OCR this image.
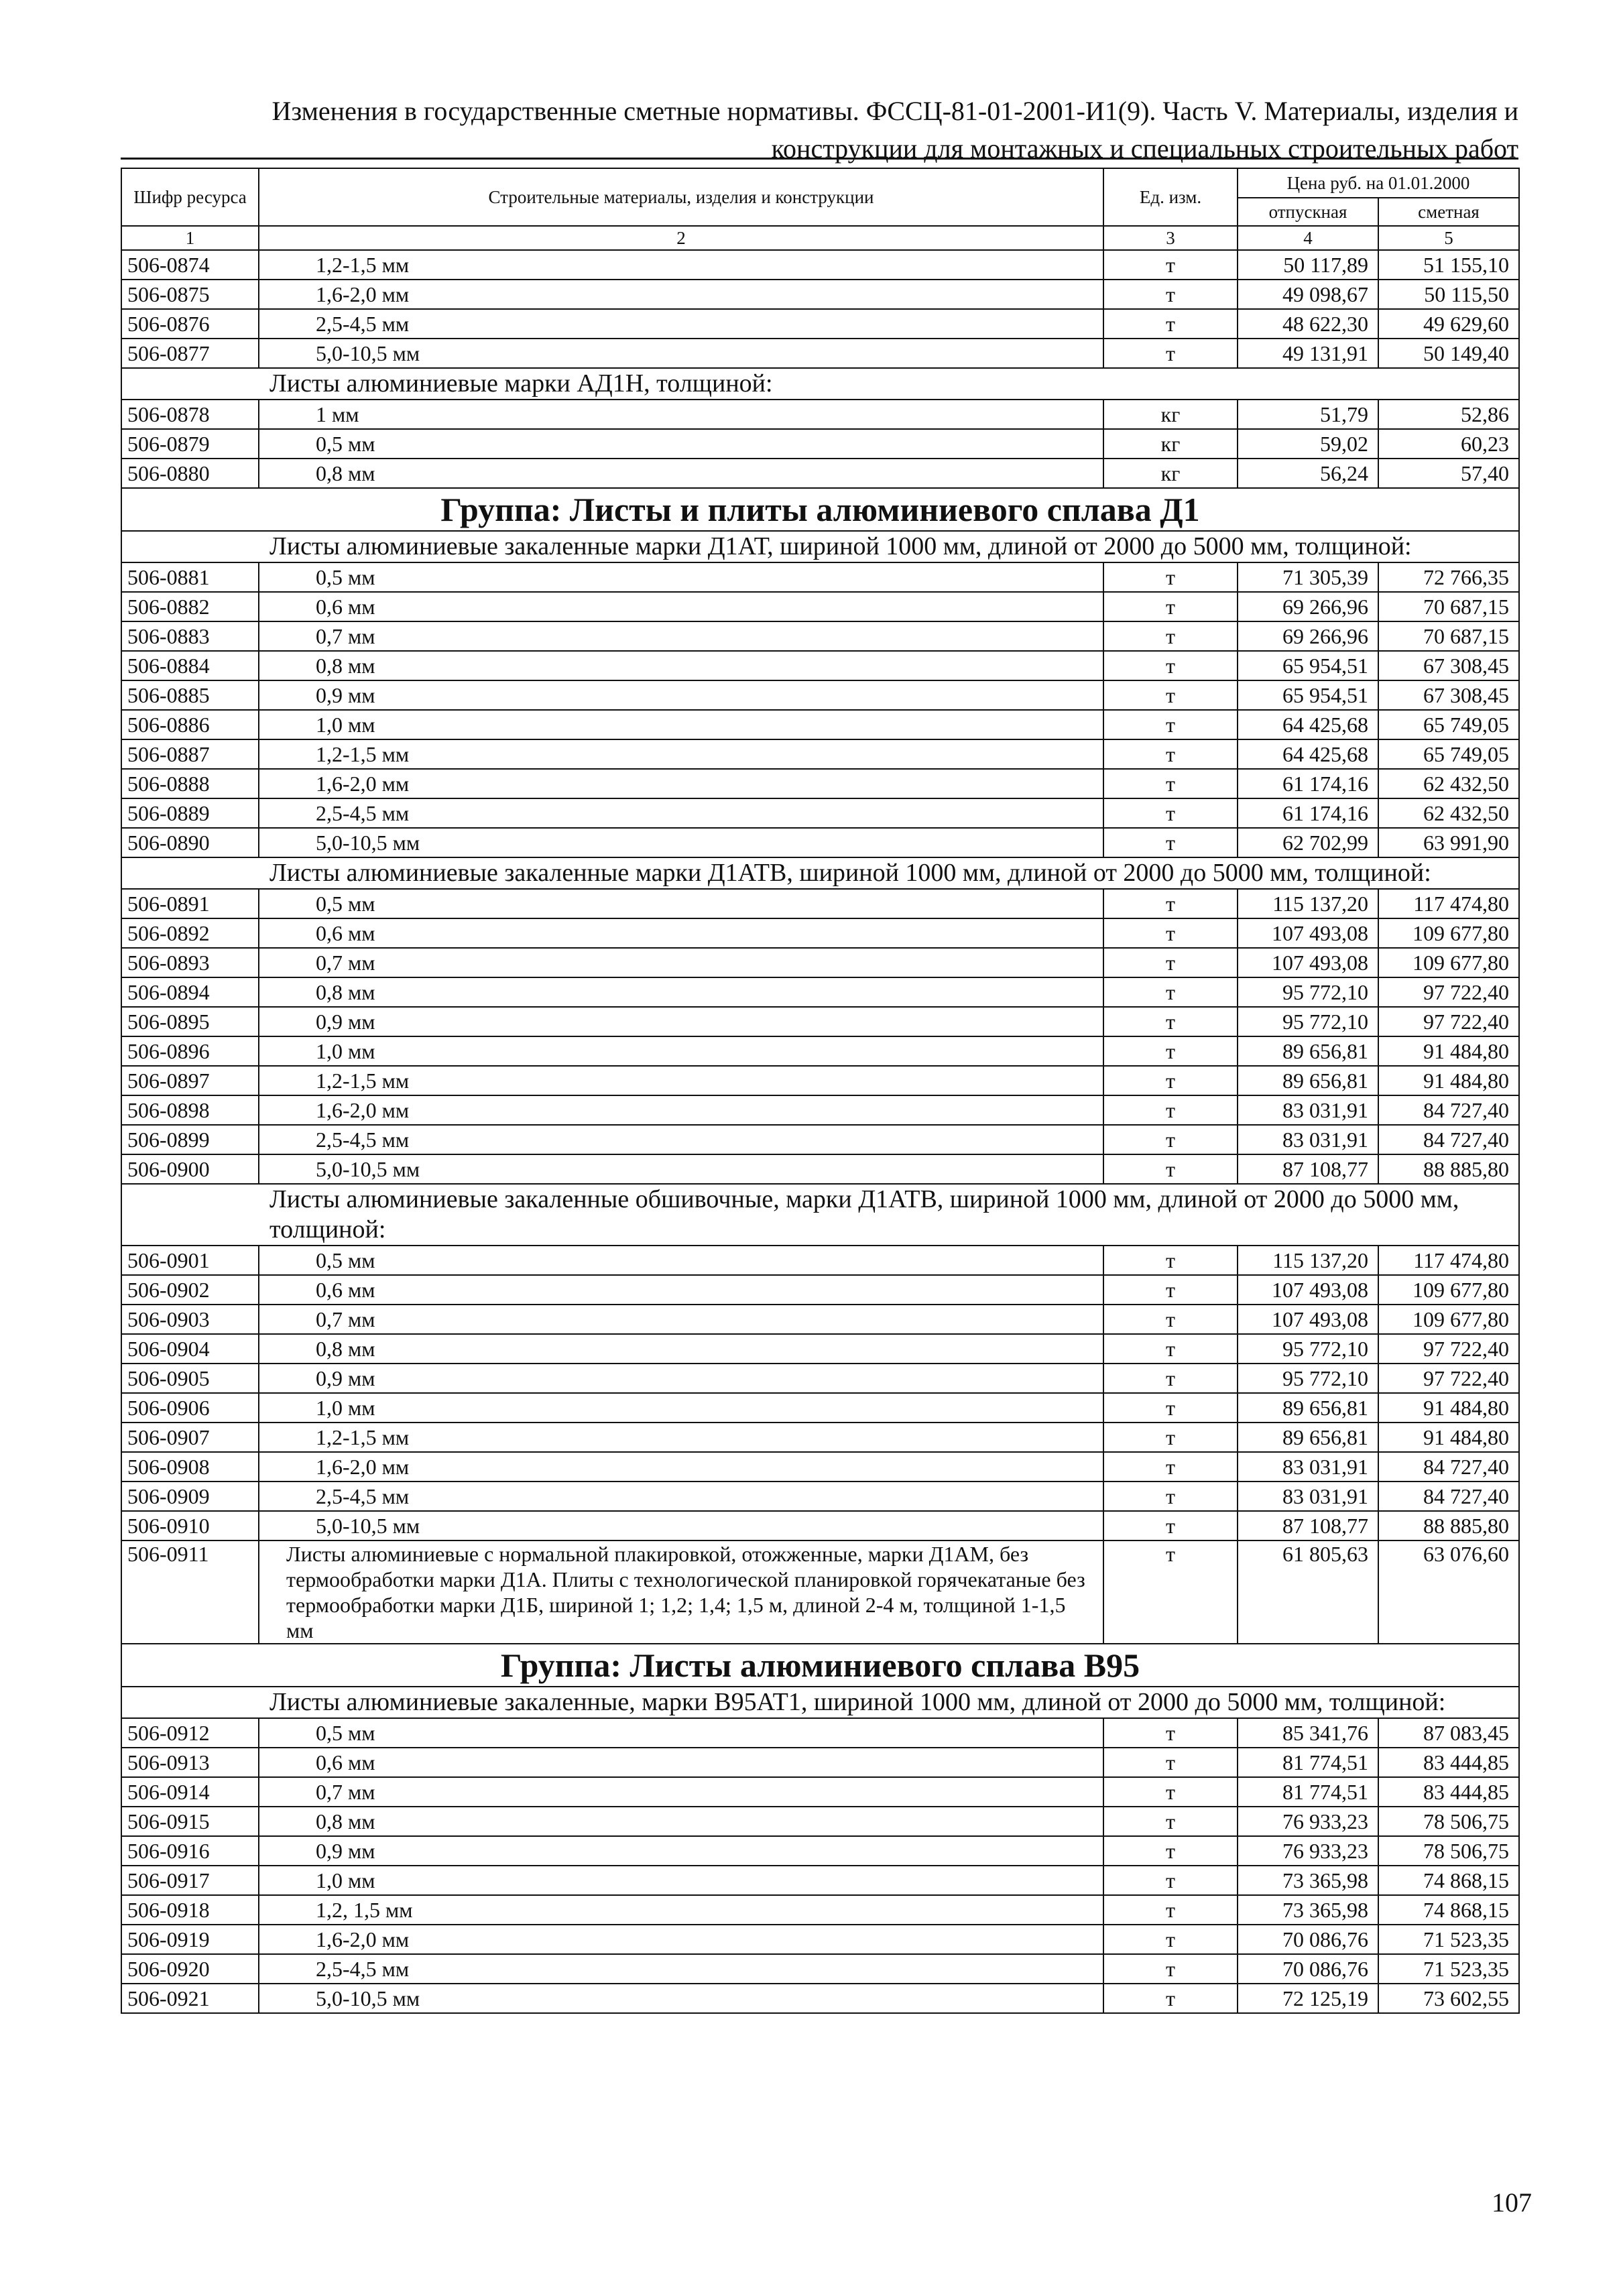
Изменения в государственные сметные нормативы. ФССЦ-81-01-2001-И1(9). Часть V. Материалы, изделия и
конструкции для монтажных и специальных строительных работ
Шифр ресурса	Строительные материалы, изделия и конструкции	Ед. изм.	Цена руб. на 01.01.2000	
			отпускная	сметная
1	2	3	4	5
506-0874	1,2-1,5 мм	т	50 117,89	51 155,10
506-0875	1,6-2,0 мм	т	49 098,67	50 115,50
506-0876	2,5-4,5 мм	т	48 622,30	49 629,60
506-0877	5,0-10,5 мм	т	49 131,91	50 149,40
Листы алюминиевые марки АД1Н, толщиной:				
506-0878	1 мм	кг	51,79	52,86
506-0879	0,5 мм	кг	59,02	60,23
506-0880	0,8 мм	кг	56,24	57,40
Группа: Листы и плиты алюминиевого сплава Д1				
Листы алюминиевые закаленные марки Д1АТ, шириной 1000 мм, длиной от 2000 до 5000 мм, толщиной:				
506-0881	0,5 мм	т	71 305,39	72 766,35
506-0882	0,6 мм	т	69 266,96	70 687,15
506-0883	0,7 мм	т	69 266,96	70 687,15
506-0884	0,8 мм	т	65 954,51	67 308,45
506-0885	0,9 мм	т	65 954,51	67 308,45
506-0886	1,0 мм	т	64 425,68	65 749,05
506-0887	1,2-1,5 мм	т	64 425,68	65 749,05
506-0888	1,6-2,0 мм	т	61 174,16	62 432,50
506-0889	2,5-4,5 мм	т	61 174,16	62 432,50
506-0890	5,0-10,5 мм	т	62 702,99	63 991,90
Листы алюминиевые закаленные марки Д1АТВ, шириной 1000 мм, длиной от 2000 до 5000 мм, толщиной:				
506-0891	0,5 мм	т	115 137,20	117 474,80
506-0892	0,6 мм	т	107 493,08	109 677,80
506-0893	0,7 мм	т	107 493,08	109 677,80
506-0894	0,8 мм	т	95 772,10	97 722,40
506-0895	0,9 мм	т	95 772,10	97 722,40
506-0896	1,0 мм	т	89 656,81	91 484,80
506-0897	1,2-1,5 мм	т	89 656,81	91 484,80
506-0898	1,6-2,0 мм	т	83 031,91	84 727,40
506-0899	2,5-4,5 мм	т	83 031,91	84 727,40
506-0900	5,0-10,5 мм	т	87 108,77	88 885,80
Листы алюминиевые закаленные обшивочные, марки Д1АТВ, шириной 1000 мм, длиной от 2000 до 5000 мм, толщиной:				
506-0901	0,5 мм	т	115 137,20	117 474,80
506-0902	0,6 мм	т	107 493,08	109 677,80
506-0903	0,7 мм	т	107 493,08	109 677,80
506-0904	0,8 мм	т	95 772,10	97 722,40
506-0905	0,9 мм	т	95 772,10	97 722,40
506-0906	1,0 мм	т	89 656,81	91 484,80
506-0907	1,2-1,5 мм	т	89 656,81	91 484,80
506-0908	1,6-2,0 мм	т	83 031,91	84 727,40
506-0909	2,5-4,5 мм	т	83 031,91	84 727,40
506-0910	5,0-10,5 мм	т	87 108,77	88 885,80
506-0911	Листы алюминиевые с нормальной плакировкой, отожженные, марки Д1АМ, без термообработки марки Д1А. Плиты с технологической планировкой горячекатаные без термообработки марки Д1Б, шириной 1; 1,2; 1,4; 1,5 м, длиной 2-4 м, толщиной 1-1,5 мм	т	61 805,63	63 076,60
Группа: Листы алюминиевого сплава В95				
Листы алюминиевые закаленные, марки В95АТ1, шириной 1000 мм, длиной от 2000 до 5000 мм, толщиной:				
506-0912	0,5 мм	т	85 341,76	87 083,45
506-0913	0,6 мм	т	81 774,51	83 444,85
506-0914	0,7 мм	т	81 774,51	83 444,85
506-0915	0,8 мм	т	76 933,23	78 506,75
506-0916	0,9 мм	т	76 933,23	78 506,75
506-0917	1,0 мм	т	73 365,98	74 868,15
506-0918	1,2, 1,5 мм	т	73 365,98	74 868,15
506-0919	1,6-2,0 мм	т	70 086,76	71 523,35
506-0920	2,5-4,5 мм	т	70 086,76	71 523,35
506-0921	5,0-10,5 мм	т	72 125,19	73 602,55
107
